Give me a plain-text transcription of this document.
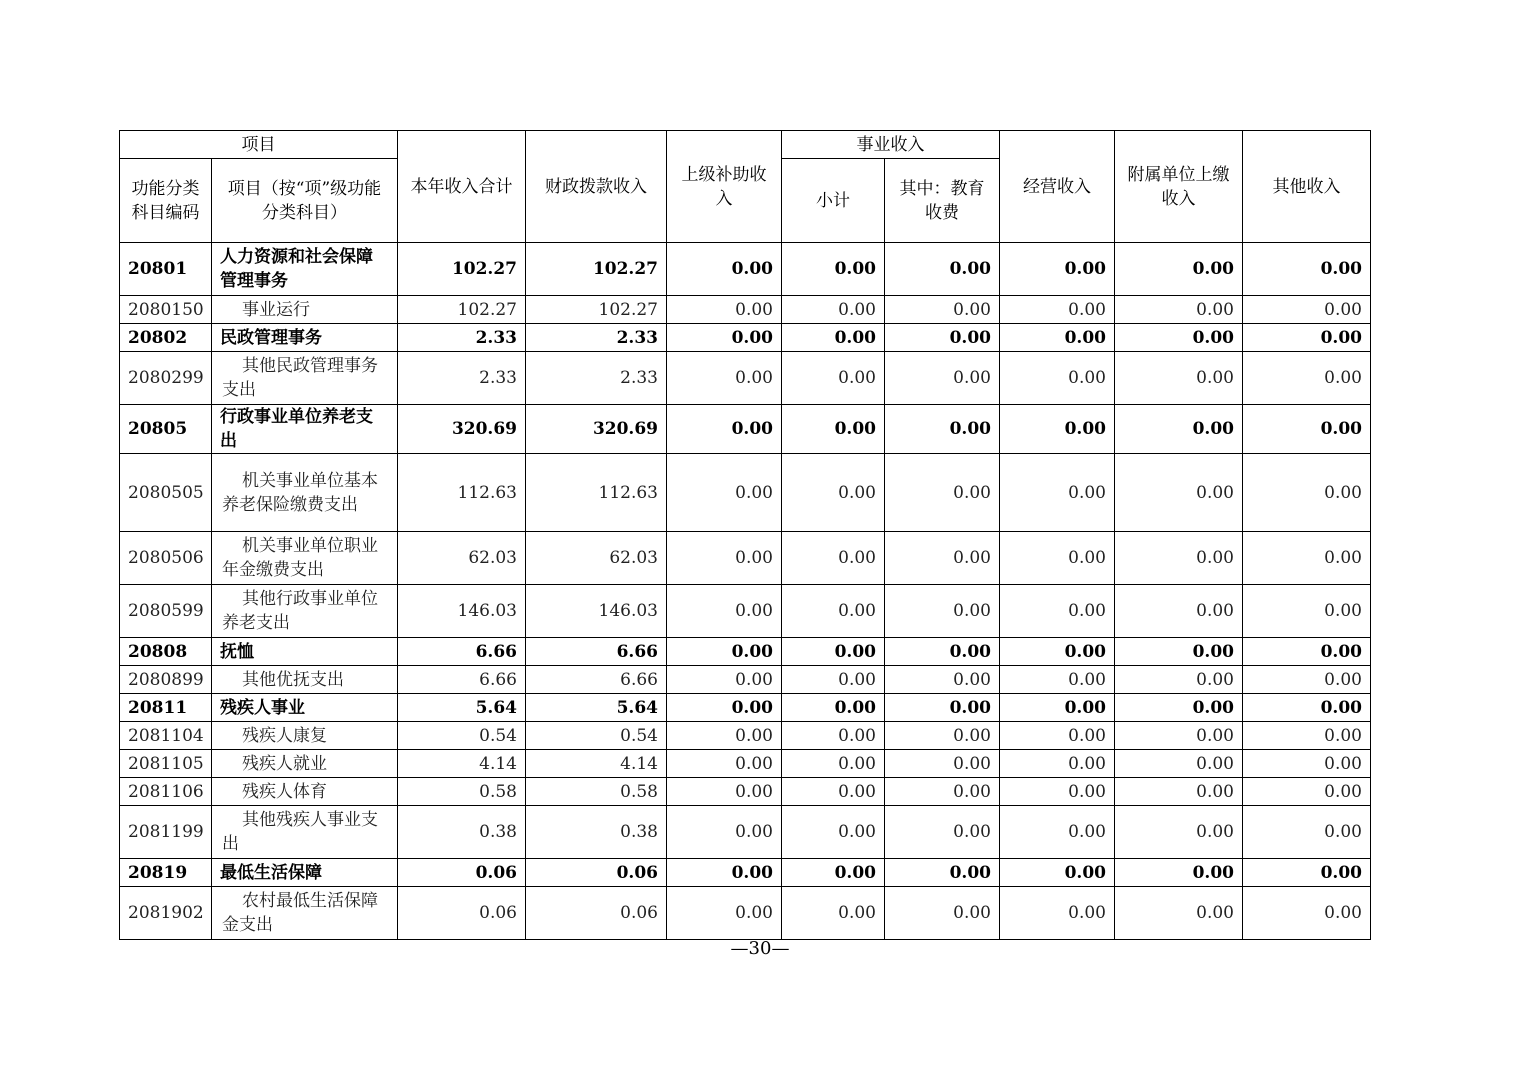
项目		本年收入合计	财政拨款收入	上级补助收入	事业收入		经营收入	附属单位上缴收入	其他收入
功能分类科目编码	项目（按“项”级功能分类科目）				小计	其中：教育收费			
20801	人力资源和社会保障管理事务	102.27	102.27	0.00	0.00	0.00	0.00	0.00	0.00
2080150	事业运行	102.27	102.27	0.00	0.00	0.00	0.00	0.00	0.00
20802	民政管理事务	2.33	2.33	0.00	0.00	0.00	0.00	0.00	0.00
2080299	其他民政管理事务支出	2.33	2.33	0.00	0.00	0.00	0.00	0.00	0.00
20805	行政事业单位养老支出	320.69	320.69	0.00	0.00	0.00	0.00	0.00	0.00
2080505	机关事业单位基本养老保险缴费支出	112.63	112.63	0.00	0.00	0.00	0.00	0.00	0.00
2080506	机关事业单位职业年金缴费支出	62.03	62.03	0.00	0.00	0.00	0.00	0.00	0.00
2080599	其他行政事业单位养老支出	146.03	146.03	0.00	0.00	0.00	0.00	0.00	0.00
20808	抚恤	6.66	6.66	0.00	0.00	0.00	0.00	0.00	0.00
2080899	其他优抚支出	6.66	6.66	0.00	0.00	0.00	0.00	0.00	0.00
20811	残疾人事业	5.64	5.64	0.00	0.00	0.00	0.00	0.00	0.00
2081104	残疾人康复	0.54	0.54	0.00	0.00	0.00	0.00	0.00	0.00
2081105	残疾人就业	4.14	4.14	0.00	0.00	0.00	0.00	0.00	0.00
2081106	残疾人体育	0.58	0.58	0.00	0.00	0.00	0.00	0.00	0.00
2081199	其他残疾人事业支出	0.38	0.38	0.00	0.00	0.00	0.00	0.00	0.00
20819	最低生活保障	0.06	0.06	0.00	0.00	0.00	0.00	0.00	0.00
2081902	农村最低生活保障金支出	0.06	0.06	0.00	0.00	0.00	0.00	0.00	0.00
—30—
